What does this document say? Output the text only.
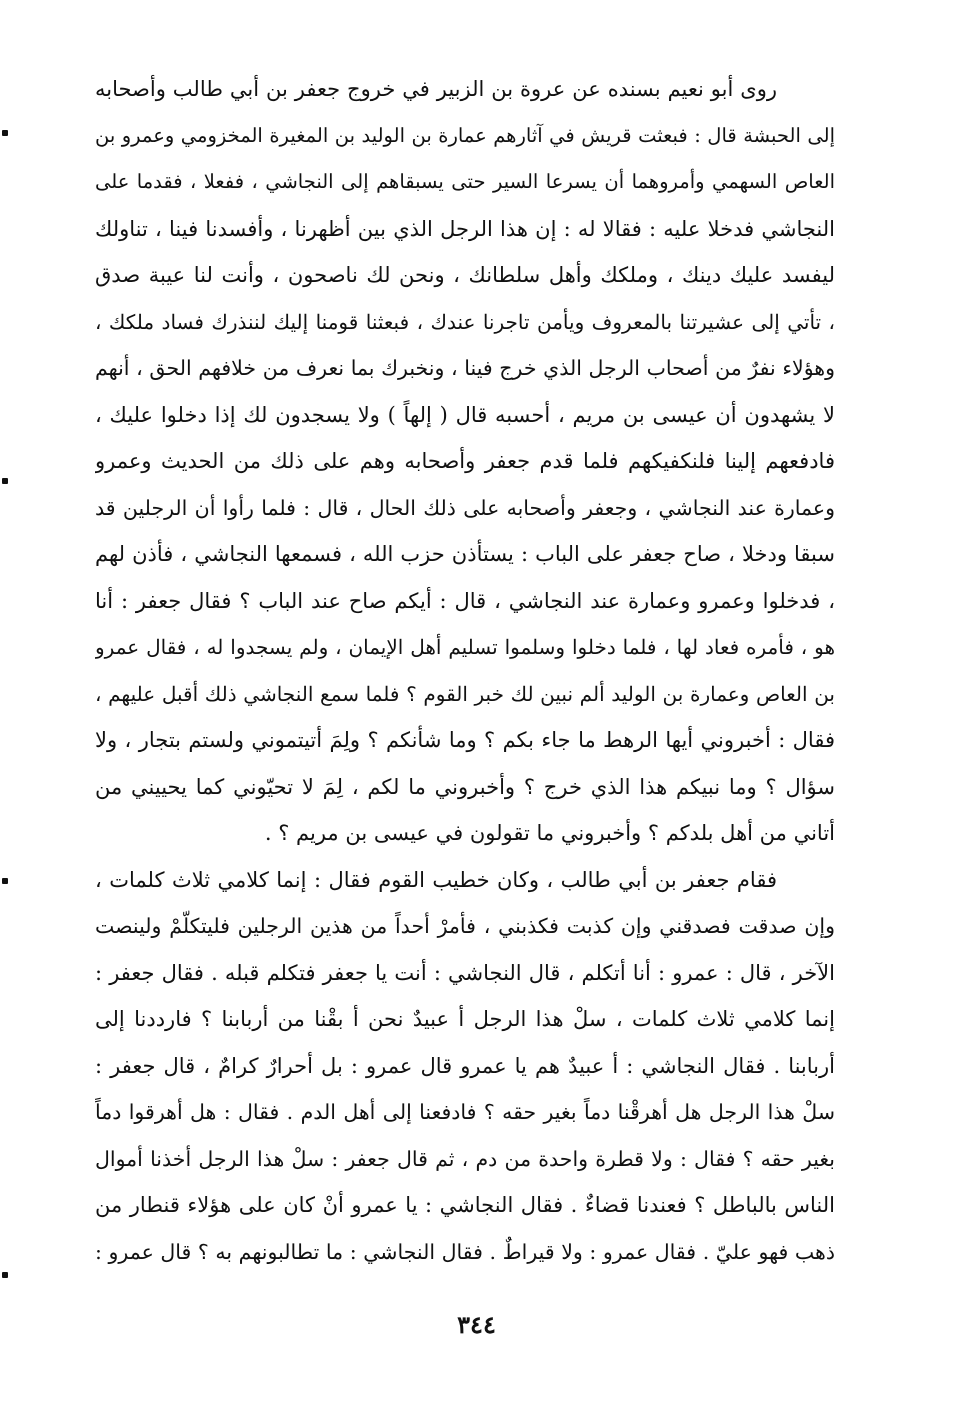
روى أبو نعيم بسنده عن عروة بن الزبير في خروج جعفر بن أبي طالب وأصحابه
إلى الحبشة قال : فبعثت قريش في آثارهم عمارة بن الوليد بن المغيرة المخزومي وعمرو بن
العاص السهمي وأمروهما أن يسرعا السير حتى يسبقاهم إلى النجاشي ، ففعلا ، فقدما على
النجاشي فدخلا عليه : فقالا له : إن هذا الرجل الذي بين أظهرنا ، وأفسدنا فينا ، تناولك
ليفسد عليك دينك ، وملكك وأهل سلطانك ، ونحن لك ناصحون ، وأنت لنا عيبة صدق
، تأتي إلى عشيرتنا بالمعروف ويأمن تاجرنا عندك ، فبعثنا قومنا إليك لننذرك فساد ملكك ،
وهؤلاء نفرٌ من أصحاب الرجل الذي خرج فينا ، ونخبرك بما نعرف من خلافهم الحق ، أنهم
لا يشهدون أن عيسى بن مريم ، أحسبه قال ( إلهاً ) ولا يسجدون لك إذا دخلوا عليك ،
فادفعهم إلينا فلنكفيكهم فلما قدم جعفر وأصحابه وهم على ذلك من الحديث وعمرو
وعمارة عند النجاشي ، وجعفر وأصحابه على ذلك الحال ، قال : فلما رأوا أن الرجلين قد
سبقا ودخلا ، صاح جعفر على الباب : يستأذن حزب الله ، فسمعها النجاشي ، فأذن لهم
، فدخلوا وعمرو وعمارة عند النجاشي ، قال : أيكم صاح عند الباب ؟ فقال جعفر : أنا
هو ، فأمره فعاد لها ، فلما دخلوا وسلموا تسليم أهل الإيمان ، ولم يسجدوا له ، فقال عمرو
بن العاص وعمارة بن الوليد ألم نبين لك خبر القوم ؟ فلما سمع النجاشي ذلك أقبل عليهم ،
فقال : أخبروني أيها الرهط ما جاء بكم ؟ وما شأنكم ؟ ولِمَ أتيتموني ولستم بتجار ، ولا
سؤال ؟ وما نبيكم هذا الذي خرج ؟ وأخبروني ما لكم ، لِمَ لا تحيّوني كما يحييني من
أتاني من أهل بلدكم ؟ وأخبروني ما تقولون في عيسى بن مريم ؟ .
فقام جعفر بن أبي طالب ، وكان خطيب القوم فقال : إنما كلامي ثلاث كلمات ،
وإن صدقت فصدقني وإن كذبت فكذبني ، فأمرْ أحداً من هذين الرجلين فليتكلّمْ ولينصت
الآخر ، قال : عمرو : أنا أتكلم ، قال النجاشي : أنت يا جعفر فتكلم قبله . فقال جعفر :
إنما كلامي ثلاث كلمات ، سلْ هذا الرجل أ عبيدٌ نحن أ بقْنا من أربابنا ؟ فارددنا إلى
أربابنا . فقال النجاشي : أ عبيدٌ هم يا عمرو قال عمرو : بل أحرارٌ كرامٌ ، قال جعفر :
سلْ هذا الرجل هل أهرقْنا دماً بغير حقه ؟ فادفعنا إلى أهل الدم . فقال : هل أهرقوا دماً
بغير حقه ؟ فقال : ولا قطرة واحدة من دم ، ثم قال جعفر : سلْ هذا الرجل أخذنا أموال
الناس بالباطل ؟ فعندنا قضاءٌ . فقال النجاشي : يا عمرو أنْ كان على هؤلاء قنطار من
ذهب فهو عليّ . فقال عمرو : ولا قيراطٌ . فقال النجاشي : ما تطالبونهم به ؟ قال عمرو :
٣٤٤
